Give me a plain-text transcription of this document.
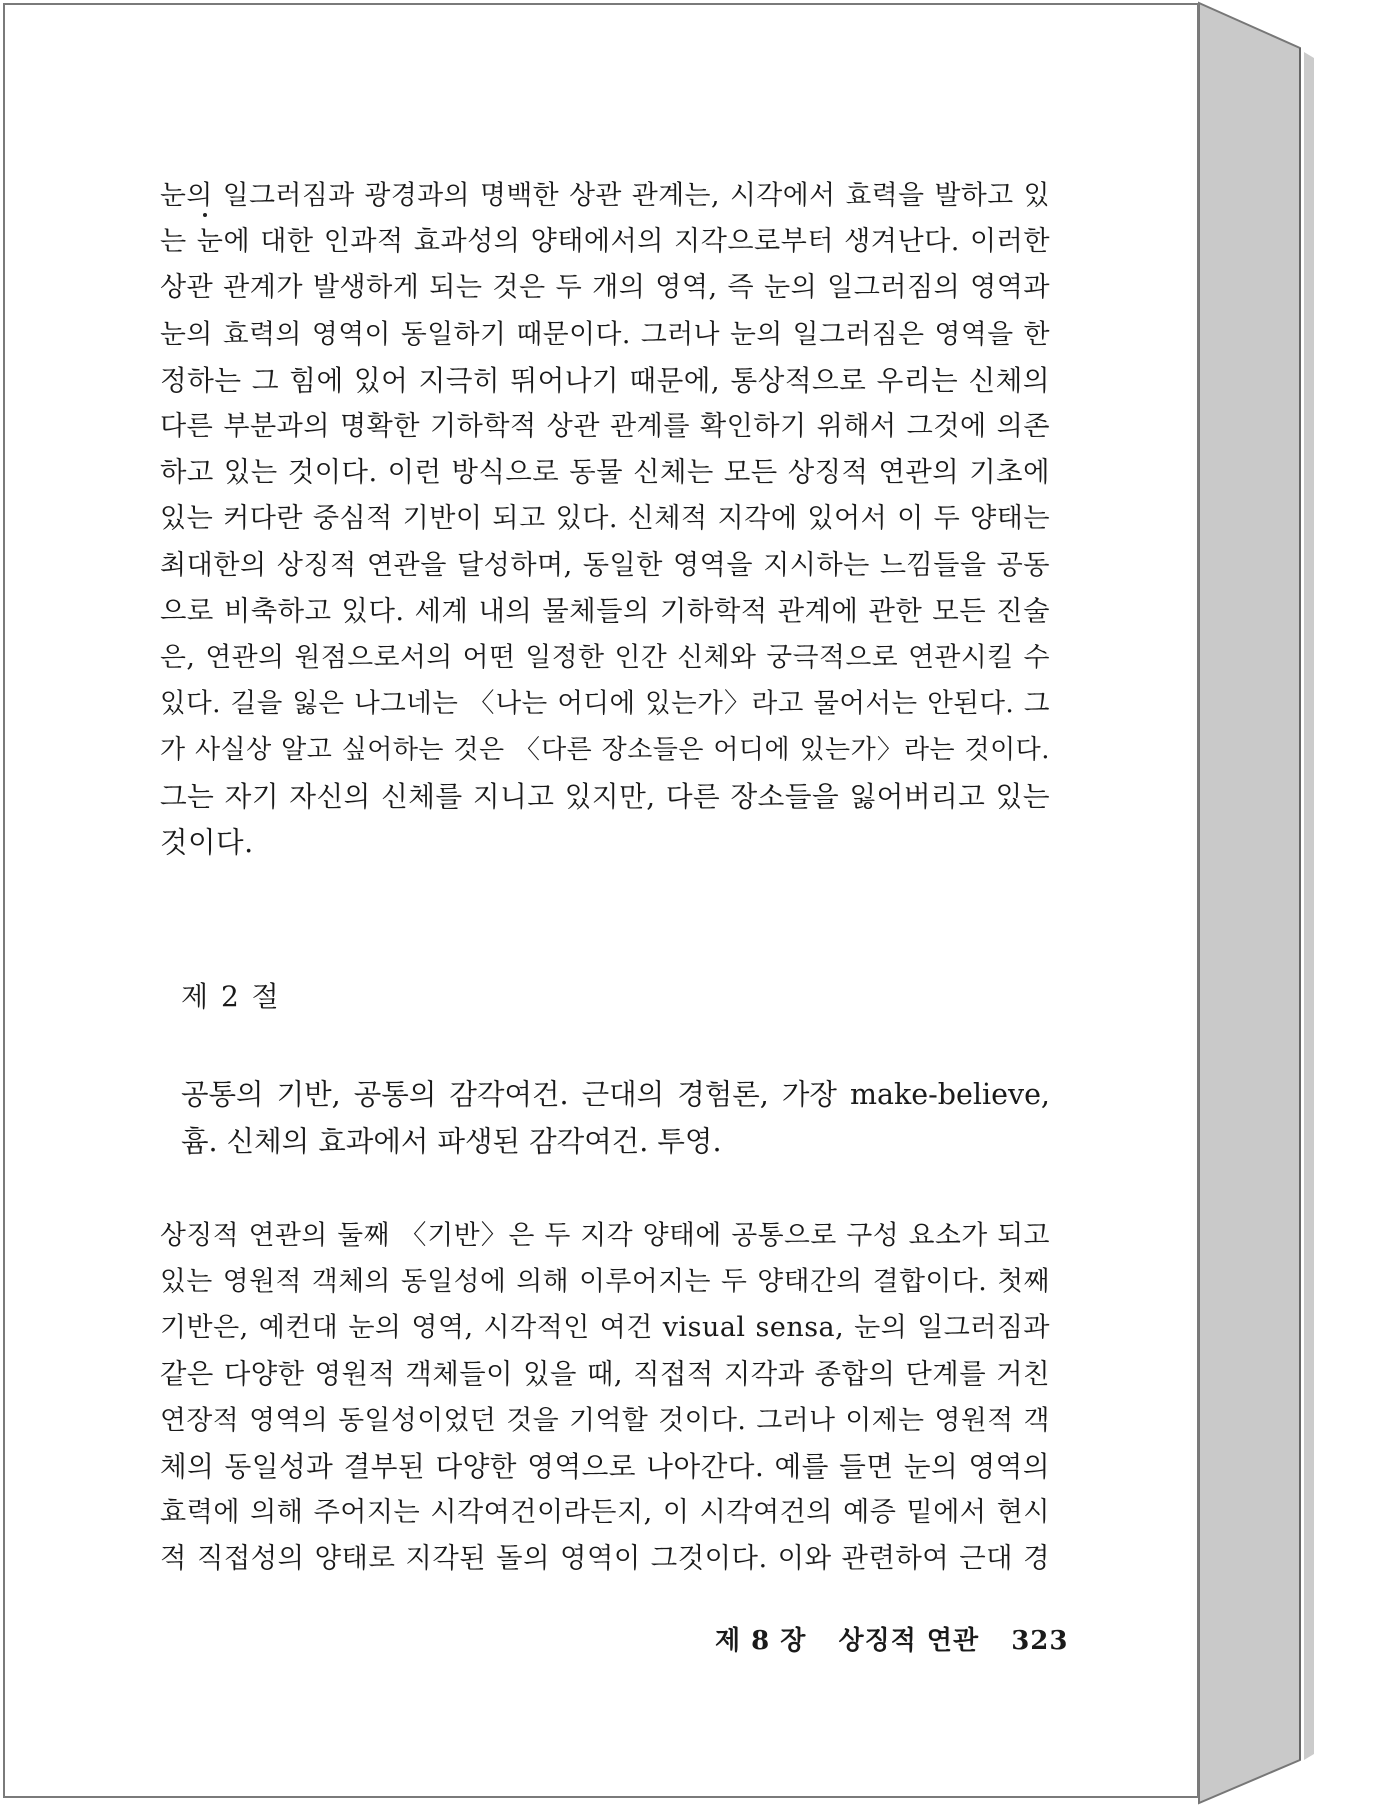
눈의 일그러짐과 광경과의 명백한 상관 관계는, 시각에서 효력을 발하고 있
는 눈에 대한 인과적 효과성의 양태에서의 지각으로부터 생겨난다. 이러한
상관 관계가 발생하게 되는 것은 두 개의 영역, 즉 눈의 일그러짐의 영역과
눈의 효력의 영역이 동일하기 때문이다. 그러나 눈의 일그러짐은 영역을 한
정하는 그 힘에 있어 지극히 뛰어나기 때문에, 통상적으로 우리는 신체의
다른 부분과의 명확한 기하학적 상관 관계를 확인하기 위해서 그것에 의존
하고 있는 것이다. 이런 방식으로 동물 신체는 모든 상징적 연관의 기초에
있는 커다란 중심적 기반이 되고 있다. 신체적 지각에 있어서 이 두 양태는
최대한의 상징적 연관을 달성하며, 동일한 영역을 지시하는 느낌들을 공동
으로 비축하고 있다. 세계 내의 물체들의 기하학적 관계에 관한 모든 진술
은, 연관의 원점으로서의 어떤 일정한 인간 신체와 궁극적으로 연관시킬 수
있다. 길을 잃은 나그네는 〈나는 어디에 있는가〉라고 물어서는 안된다. 그
가 사실상 알고 싶어하는 것은 〈다른 장소들은 어디에 있는가〉라는 것이다.
그는 자기 자신의 신체를 지니고 있지만, 다른 장소들을 잃어버리고 있는
것이다.

제 2 절

공통의 기반, 공통의 감각여건. 근대의 경험론, 가장 make-believe,
흄. 신체의 효과에서 파생된 감각여건. 투영.
상징적 연관의 둘째 〈기반〉은 두 지각 양태에 공통으로 구성 요소가 되고
있는 영원적 객체의 동일성에 의해 이루어지는 두 양태간의 결합이다. 첫째
기반은, 예컨대 눈의 영역, 시각적인 여건 visual sensa, 눈의 일그러짐과
같은 다양한 영원적 객체들이 있을 때, 직접적 지각과 종합의 단계를 거친
연장적 영역의 동일성이었던 것을 기억할 것이다. 그러나 이제는 영원적 객
체의 동일성과 결부된 다양한 영역으로 나아간다. 예를 들면 눈의 영역의
효력에 의해 주어지는 시각여건이라든지, 이 시각여건의 예증 밑에서 현시
적 직접성의 양태로 지각된 돌의 영역이 그것이다. 이와 관련하여 근대 경

제 8 장 상징적 연관 323
